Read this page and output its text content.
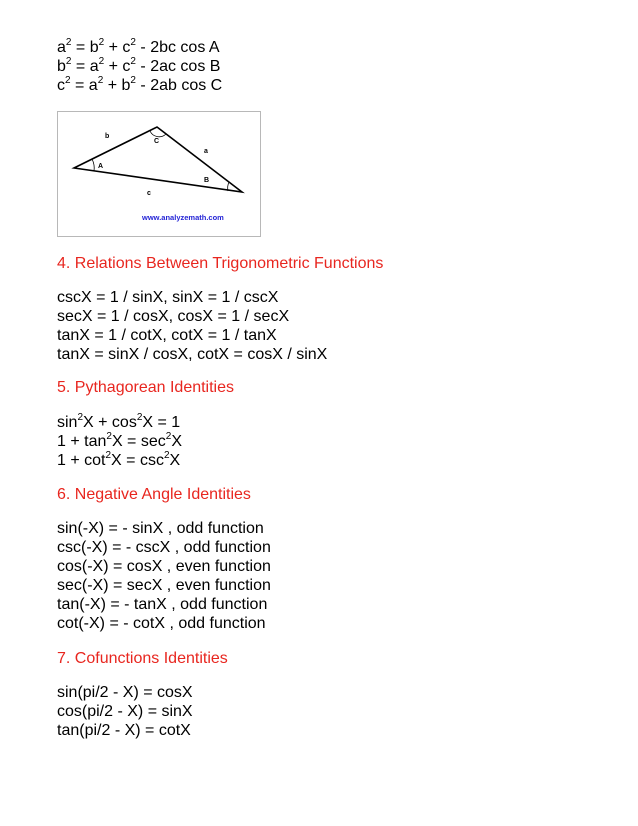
$a^2 = b^2 + c^2 - 2bc$ cos A
$b^2 = a^2 + c^2 - 2ac$ cos B
$c^2 = a^2 + b^2 - 2ab$ cos C
b
C
a
A
B
c
www.analyzemath.com
4. Relations Between Trigonometric Functions
cscX = 1 / sinX, sinX = 1 / cscX
secX = 1 / cosX, cosX = 1 / secX
tanX = 1 / cotX, cotX = 1 / tanX
tanX = sinX / cosX, cotX = cosX / sinX
5. Pythagorean Identities
$\sin^2X + \cos^2X = 1$
$1 + \tan^2X = \sec^2X$
$1 + \cot^2X = \csc^2X$
6. Negative Angle Identities
sin(-X) = - sinX , odd function
csc(-X) = - cscX , odd function
cos(-X) = cosX , even function
sec(-X) = secX , even function
tan(-X) = - tanX , odd function
cot(-X) = - cotX , odd function
7. Cofunctions Identities
sin(pi/2 - X) = cosX
cos(pi/2 - X) = sinX
tan(pi/2 - X) = cotX
